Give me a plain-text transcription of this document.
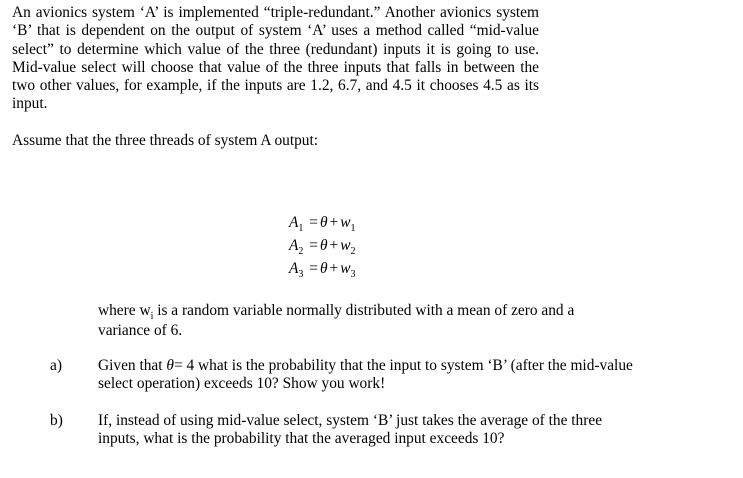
An avionics system ‘A’ is implemented “triple-redundant.” Another avionics system ‘B’ that is dependent on the output of system ‘A’ uses a method called “mid-value select” to determine which value of the three (redundant) inputs it is going to use. Mid-value select will choose that value of the three inputs that falls in between the two other values, for example, if the inputs are 1.2, 6.7, and 4.5 it chooses 4.5 as its input.
Assume that the three threads of system A output:
$A_1 = \theta + w_1$
$A_2 = \theta + w_2$
$A_3 = \theta + w_3$
where $w_i$ is a random variable normally distributed with a mean of zero and a variance of 6.
a) Given that θ= 4 what is the probability that the input to system ‘B’ (after the mid-value select operation) exceeds 10? Show you work!
b) If, instead of using mid-value select, system ‘B’ just takes the average of the three inputs, what is the probability that the averaged input exceeds 10?
